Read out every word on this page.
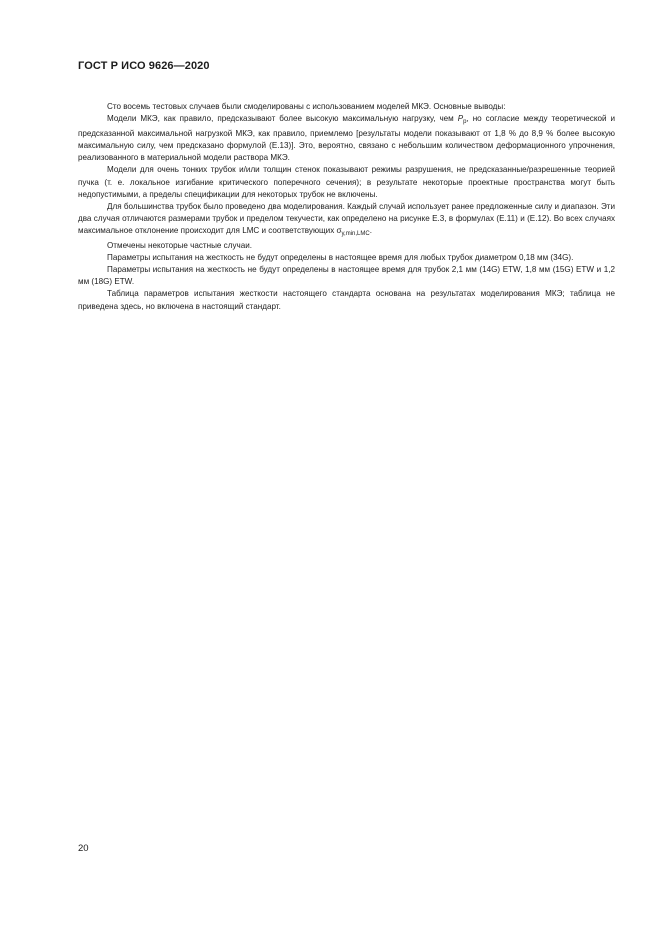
ГОСТ Р ИСО 9626—2020

Сто восемь тестовых случаев были смоделированы с использованием моделей МКЭ. Основные выводы:

Модели МКЭ, как правило, предсказывают более высокую максимальную нагрузку, чем $P_p$, но согласие между теоретической и предсказанной максимальной нагрузкой МКЭ, как правило, приемлемо [результаты модели показывают от 1,8 % до 8,9 % более высокую максимальную силу, чем предсказано формулой (Е.13)]. Это, вероятно, связано с небольшим количеством деформационного упрочнения, реализованного в материальной модели раствора МКЭ.

Модели для очень тонких трубок и/или толщин стенок показывают режимы разрушения, не предсказанные/разрешенные теорией пучка (т. е. локальное изгибание критического поперечного сечения); в результате некоторые проектные пространства могут быть недопустимыми, а пределы спецификации для некоторых трубок не включены.

Для большинства трубок было проведено два моделирования. Каждый случай использует ранее предложенные силу и диапазон. Эти два случая отличаются размерами трубок и пределом текучести, как определено на рисунке Е.3, в формулах (Е.11) и (Е.12). Во всех случаях максимальное отклонение происходит для LMC и соответствующих $\sigma_{y,min,LMC}$.

Отмечены некоторые частные случаи.

Параметры испытания на жесткость не будут определены в настоящее время для любых трубок диаметром 0,18 мм (34G).

Параметры испытания на жесткость не будут определены в настоящее время для трубок 2,1 мм (14G) ETW, 1,8 мм (15G) ETW и 1,2 мм (18G) ETW.

Таблица параметров испытания жесткости настоящего стандарта основана на результатах моделирования МКЭ; таблица не приведена здесь, но включена в настоящий стандарт.

20
